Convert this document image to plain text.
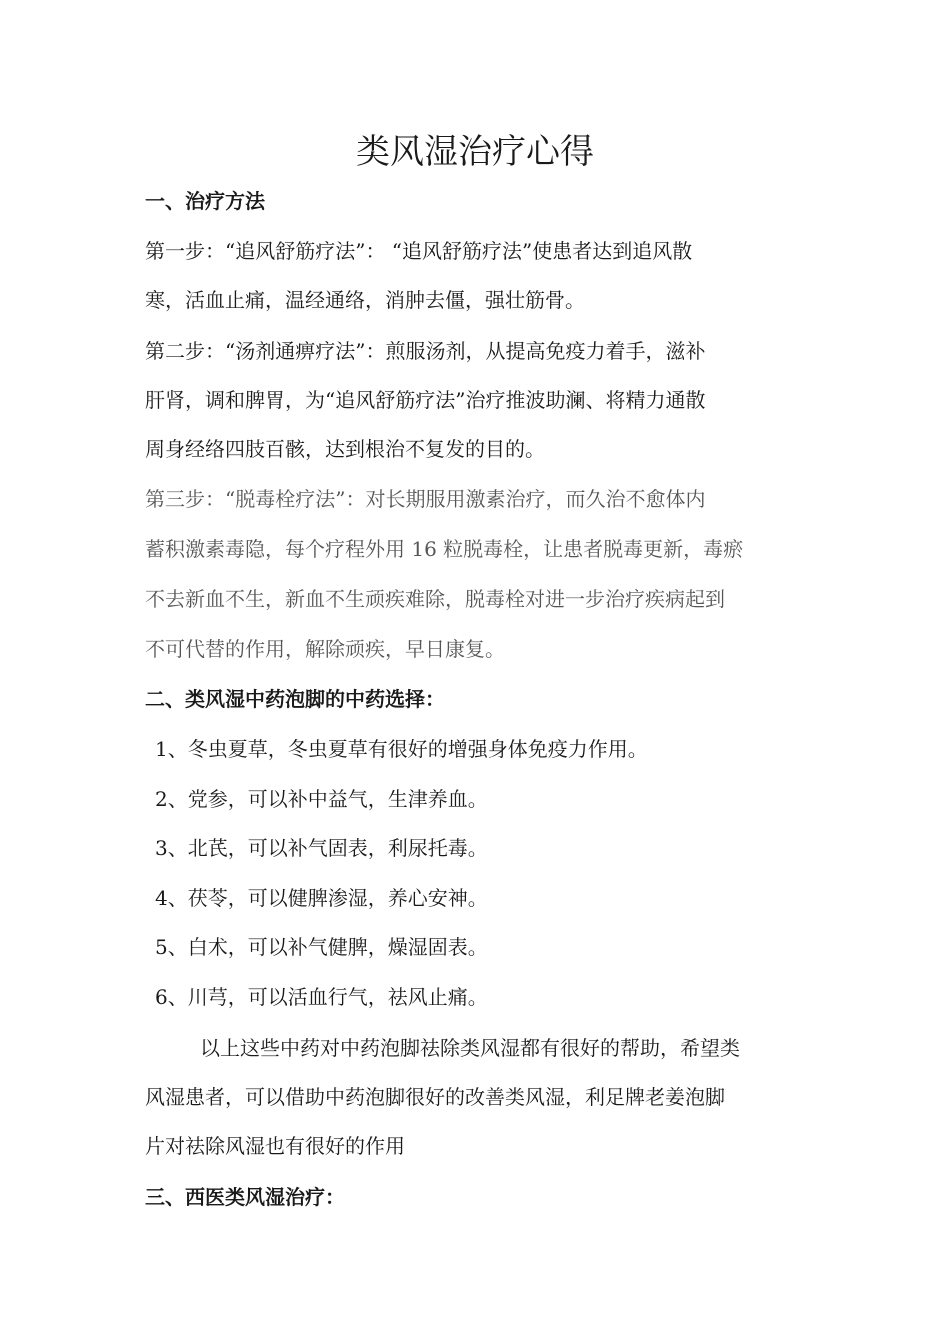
类风湿治疗心得
一、治疗方法

第一步：“追风舒筋疗法”： “追风舒筋疗法”使患者达到追风散

寒，活血止痛，温经通络，消肿去僵，强壮筋骨。

第二步：“汤剂通痹疗法”：煎服汤剂，从提高免疫力着手，滋补

肝肾，调和脾胃，为“追风舒筋疗法”治疗推波助澜、将精力通散

周身经络四肢百骸，达到根治不复发的目的。

第三步：“脱毒栓疗法”：对长期服用激素治疗，而久治不愈体内

蓄积激素毒隐，每个疗程外用 16 粒脱毒栓，让患者脱毒更新，毒瘀

不去新血不生，新血不生顽疾难除，脱毒栓对进一步治疗疾病起到

不可代替的作用，解除顽疾，早日康复。

二、类风湿中药泡脚的中药选择：

1、冬虫夏草，冬虫夏草有很好的增强身体免疫力作用。

2、党参，可以补中益气，生津养血。

3、北芪，可以补气固表，利尿托毒。

4、茯苓，可以健脾渗湿，养心安神。

5、白术，可以补气健脾，燥湿固表。

6、川芎，可以活血行气，祛风止痛。

以上这些中药对中药泡脚祛除类风湿都有很好的帮助，希望类

风湿患者，可以借助中药泡脚很好的改善类风湿，利足牌老姜泡脚

片对祛除风湿也有很好的作用

三、西医类风湿治疗：
